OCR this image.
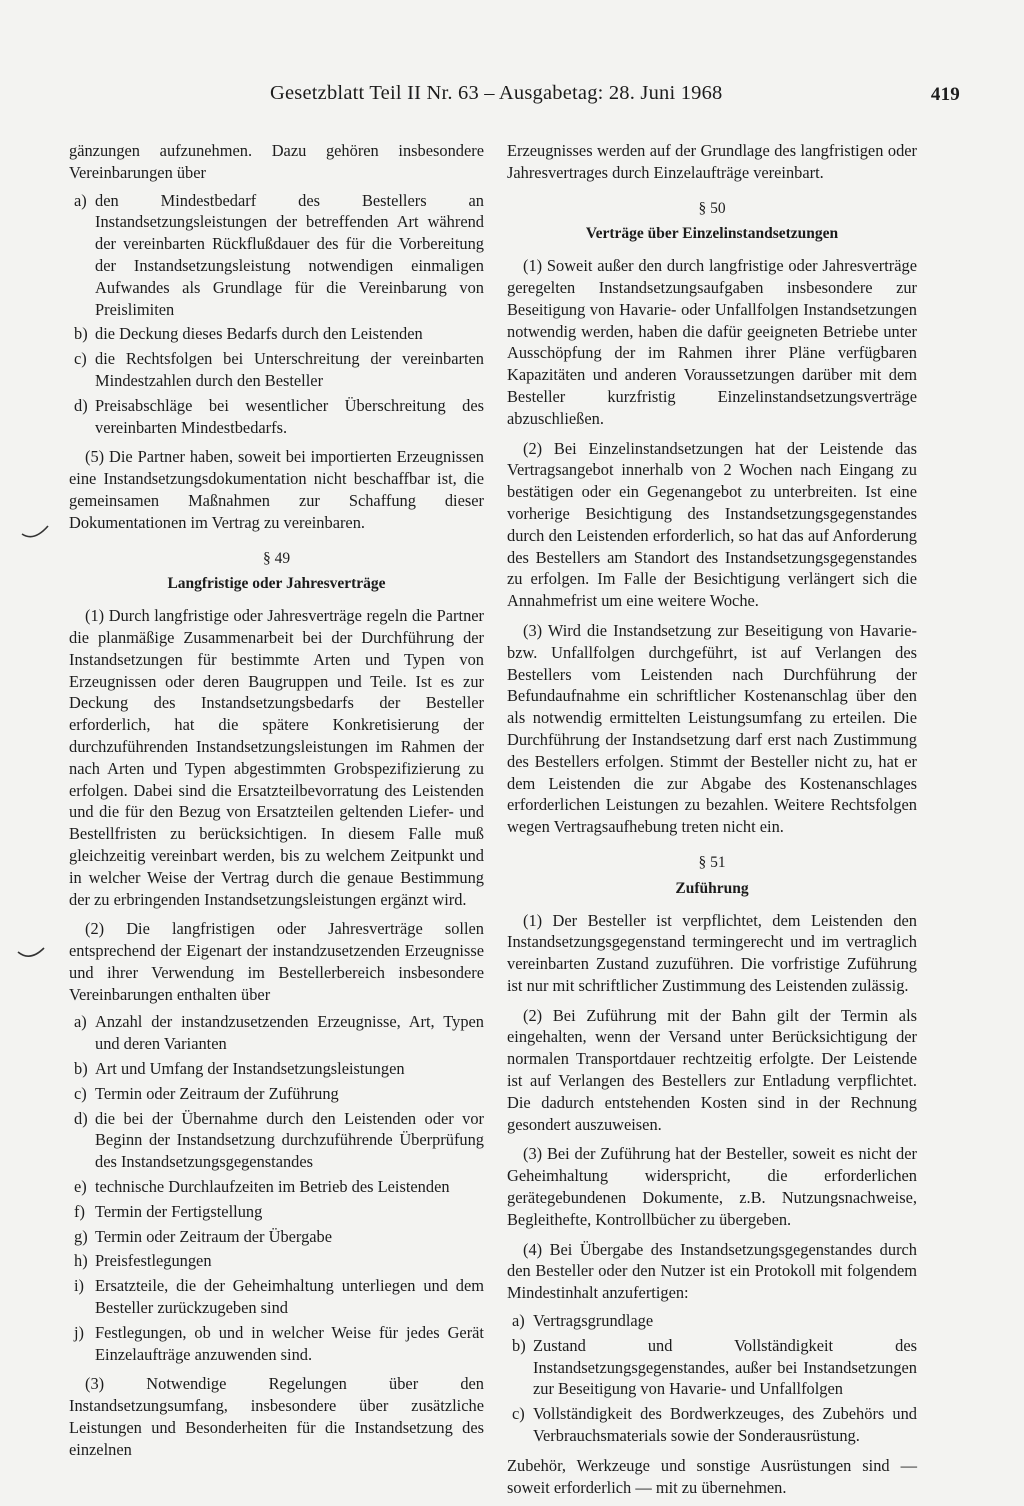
Gesetzblatt Teil II Nr. 63 – Ausgabetag: 28. Juni 1968	419

gänzungen aufzunehmen. Dazu gehören insbesondere Vereinbarungen über

a) den Mindestbedarf des Bestellers an Instandsetzungsleistungen der betreffenden Art während der vereinbarten Rückflußdauer des für die Vorbereitung der Instandsetzungsleistung notwendigen einmaligen Aufwandes als Grundlage für die Vereinbarung von Preislimiten
b) die Deckung dieses Bedarfs durch den Leistenden
c) die Rechtsfolgen bei Unterschreitung der vereinbarten Mindestzahlen durch den Besteller
d) Preisabschläge bei wesentlicher Überschreitung des vereinbarten Mindestbedarfs.

(5) Die Partner haben, soweit bei importierten Erzeugnissen eine Instandsetzungsdokumentation nicht beschaffbar ist, die gemeinsamen Maßnahmen zur Schaffung dieser Dokumentationen im Vertrag zu vereinbaren.

§ 49
Langfristige oder Jahresverträge

(1) Durch langfristige oder Jahresverträge regeln die Partner die planmäßige Zusammenarbeit bei der Durchführung der Instandsetzungen für bestimmte Arten und Typen von Erzeugnissen oder deren Baugruppen und Teile. Ist es zur Deckung des Instandsetzungsbedarfs der Besteller erforderlich, hat die spätere Konkretisierung der durchzuführenden Instandsetzungsleistungen im Rahmen der nach Arten und Typen abgestimmten Grobspezifizierung zu erfolgen. Dabei sind die Ersatzteilbevorratung des Leistenden und die für den Bezug von Ersatzteilen geltenden Liefer- und Bestellfristen zu berücksichtigen. In diesem Falle muß gleichzeitig vereinbart werden, bis zu welchem Zeitpunkt und in welcher Weise der Vertrag durch die genaue Bestimmung der zu erbringenden Instandsetzungsleistungen ergänzt wird.

(2) Die langfristigen oder Jahresverträge sollen entsprechend der Eigenart der instandzusetzenden Erzeugnisse und ihrer Verwendung im Bestellerbereich insbesondere Vereinbarungen enthalten über

a) Anzahl der instandzusetzenden Erzeugnisse, Art, Typen und deren Varianten
b) Art und Umfang der Instandsetzungsleistungen
c) Termin oder Zeitraum der Zuführung
d) die bei der Übernahme durch den Leistenden oder vor Beginn der Instandsetzung durchzuführende Überprüfung des Instandsetzungsgegenstandes
e) technische Durchlaufzeiten im Betrieb des Leistenden
f) Termin der Fertigstellung
g) Termin oder Zeitraum der Übergabe
h) Preisfestlegungen
i) Ersatzteile, die der Geheimhaltung unterliegen und dem Besteller zurückzugeben sind
j) Festlegungen, ob und in welcher Weise für jedes Gerät Einzelaufträge anzuwenden sind.

(3) Notwendige Regelungen über den Instandsetzungsumfang, insbesondere über zusätzliche Leistungen und Besonderheiten für die Instandsetzung des einzelnen

Erzeugnisses werden auf der Grundlage des langfristigen oder Jahresvertrages durch Einzelaufträge vereinbart.

§ 50
Verträge über Einzelinstandsetzungen

(1) Soweit außer den durch langfristige oder Jahresverträge geregelten Instandsetzungsaufgaben insbesondere zur Beseitigung von Havarie- oder Unfallfolgen Instandsetzungen notwendig werden, haben die dafür geeigneten Betriebe unter Ausschöpfung der im Rahmen ihrer Pläne verfügbaren Kapazitäten und anderen Voraussetzungen darüber mit dem Besteller kurzfristig Einzelinstandsetzungsverträge abzuschließen.

(2) Bei Einzelinstandsetzungen hat der Leistende das Vertragsangebot innerhalb von 2 Wochen nach Eingang zu bestätigen oder ein Gegenangebot zu unterbreiten. Ist eine vorherige Besichtigung des Instandsetzungsgegenstandes durch den Leistenden erforderlich, so hat das auf Anforderung des Bestellers am Standort des Instandsetzungsgegenstandes zu erfolgen. Im Falle der Besichtigung verlängert sich die Annahmefrist um eine weitere Woche.

(3) Wird die Instandsetzung zur Beseitigung von Havarie- bzw. Unfallfolgen durchgeführt, ist auf Verlangen des Bestellers vom Leistenden nach Durchführung der Befundaufnahme ein schriftlicher Kostenanschlag über den als notwendig ermittelten Leistungsumfang zu erteilen. Die Durchführung der Instandsetzung darf erst nach Zustimmung des Bestellers erfolgen. Stimmt der Besteller nicht zu, hat er dem Leistenden die zur Abgabe des Kostenanschlages erforderlichen Leistungen zu bezahlen. Weitere Rechtsfolgen wegen Vertragsaufhebung treten nicht ein.

§ 51
Zuführung

(1) Der Besteller ist verpflichtet, dem Leistenden den Instandsetzungsgegenstand termingerecht und im vertraglich vereinbarten Zustand zuzuführen. Die vorfristige Zuführung ist nur mit schriftlicher Zustimmung des Leistenden zulässig.

(2) Bei Zuführung mit der Bahn gilt der Termin als eingehalten, wenn der Versand unter Berücksichtigung der normalen Transportdauer rechtzeitig erfolgte. Der Leistende ist auf Verlangen des Bestellers zur Entladung verpflichtet. Die dadurch entstehenden Kosten sind in der Rechnung gesondert auszuweisen.

(3) Bei der Zuführung hat der Besteller, soweit es nicht der Geheimhaltung widerspricht, die erforderlichen gerätegebundenen Dokumente, z.B. Nutzungsnachweise, Begleithefte, Kontrollbücher zu übergeben.

(4) Bei Übergabe des Instandsetzungsgegenstandes durch den Besteller oder den Nutzer ist ein Protokoll mit folgendem Mindestinhalt anzufertigen:

a) Vertragsgrundlage
b) Zustand und Vollständigkeit des Instandsetzungsgegenstandes, außer bei Instandsetzungen zur Beseitigung von Havarie- und Unfallfolgen
c) Vollständigkeit des Bordwerkzeuges, des Zubehörs und Verbrauchsmaterials sowie der Sonderausrüstung.

Zubehör, Werkzeuge und sonstige Ausrüstungen sind — soweit erforderlich — mit zu übernehmen.
